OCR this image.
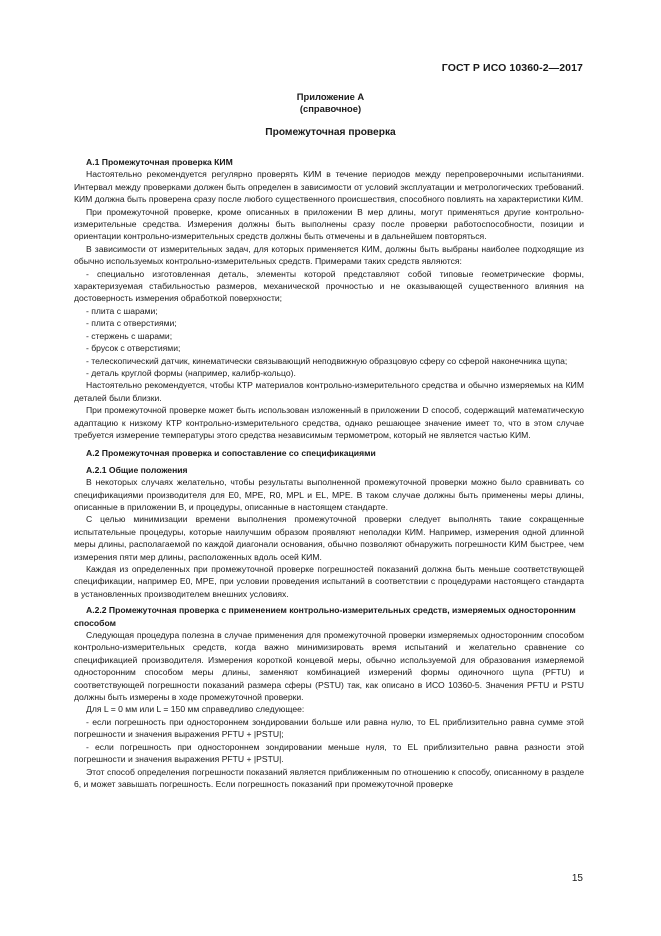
ГОСТ Р ИСО 10360-2—2017
Приложение А
(справочное)
Промежуточная проверка
А.1 Промежуточная проверка КИМ

Настоятельно рекомендуется регулярно проверять КИМ в течение периодов между перепроверочными испытаниями. Интервал между проверками должен быть определен в зависимости от условий эксплуатации и метрологических требований. КИМ должна быть проверена сразу после любого существенного происшествия, способного повлиять на характеристики КИМ.

При промежуточной проверке, кроме описанных в приложении В мер длины, могут применяться другие контрольно-измерительные средства. Измерения должны быть выполнены сразу после проверки работоспособности, позиции и ориентации контрольно-измерительных средств должны быть отмечены и в дальнейшем повторяться.

В зависимости от измерительных задач, для которых применяется КИМ, должны быть выбраны наиболее подходящие из обычно используемых контрольно-измерительных средств. Примерами таких средств являются:

- специально изготовленная деталь, элементы которой представляют собой типовые геометрические формы, характеризуемая стабильностью размеров, механической прочностью и не оказывающей существенного влияния на достоверность измерения обработкой поверхности;

- плита с шарами;

- плита с отверстиями;

- стержень с шарами;

- брусок с отверстиями;

- телескопический датчик, кинематически связывающий неподвижную образцовую сферу со сферой наконечника щупа;

- деталь круглой формы (например, калибр-кольцо).

Настоятельно рекомендуется, чтобы КТР материалов контрольно-измерительного средства и обычно измеряемых на КИМ деталей были близки.

При промежуточной проверке может быть использован изложенный в приложении D способ, содержащий математическую адаптацию к низкому КТР контрольно-измерительного средства, однако решающее значение имеет то, что в этом случае требуется измерение температуры этого средства независимым термометром, который не является частью КИМ.

А.2 Промежуточная проверка и сопоставление со спецификациями
А.2.1 Общие положения

В некоторых случаях желательно, чтобы результаты выполненной промежуточной проверки можно было сравнивать со спецификациями производителя для E0, MPE, R0, MPL и EL, MPE. В таком случае должны быть применены меры длины, описанные в приложении В, и процедуры, описанные в настоящем стандарте.

С целью минимизации времени выполнения промежуточной проверки следует выполнять такие сокращенные испытательные процедуры, которые наилучшим образом проявляют неполадки КИМ. Например, измерения одной длинной меры длины, располагаемой по каждой диагонали основания, обычно позволяют обнаружить погрешности КИМ быстрее, чем измерения пяти мер длины, расположенных вдоль осей КИМ.

Каждая из определенных при промежуточной проверке погрешностей показаний должна быть меньше соответствующей спецификации, например E0, MPE, при условии проведения испытаний в соответствии с процедурами настоящего стандарта в установленных производителем внешних условиях.

А.2.2 Промежуточная проверка с применением контрольно-измерительных средств, измеряемых односторонним способом

Следующая процедура полезна в случае применения для промежуточной проверки измеряемых односторонним способом контрольно-измерительных средств, когда важно минимизировать время испытаний и желательно сравнение со спецификацией производителя. Измерения короткой концевой меры, обычно используемой для образования измеряемой односторонним способом меры длины, заменяют комбинацией измерений формы одиночного щупа (PFTU) и соответствующей погрешности показаний размера сферы (PSTU) так, как описано в ИСО 10360-5. Значения PFTU и PSTU должны быть измерены в ходе промежуточной проверки.

Для L = 0 мм или L = 150 мм справедливо следующее:

- если погрешность при одностороннем зондировании больше или равна нулю, то EL приблизительно равна сумме этой погрешности и значения выражения PFTU + |PSTU|;

- если погрешность при одностороннем зондировании меньше нуля, то EL приблизительно равна разности этой погрешности и значения выражения PFTU + |PSTU|.

Этот способ определения погрешности показаний является приближенным по отношению к способу, описанному в разделе 6, и может завышать погрешность. Если погрешность показаний при промежуточной проверке

15
